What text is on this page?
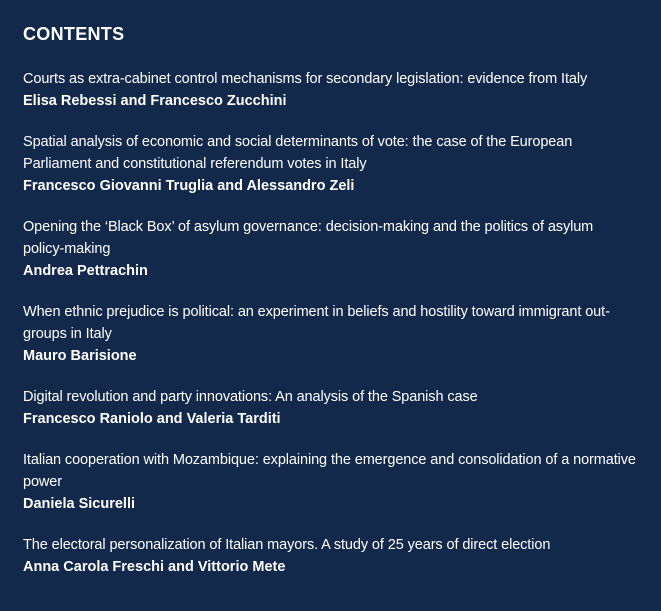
CONTENTS
Courts as extra-cabinet control mechanisms for secondary legislation: evidence from Italy
Elisa Rebessi and Francesco Zucchini
Spatial analysis of economic and social determinants of vote: the case of the European Parliament and constitutional referendum votes in Italy
Francesco Giovanni Truglia and Alessandro Zeli
Opening the ‘Black Box’ of asylum governance: decision-making and the politics of asylum policy-making
Andrea Pettrachin
When ethnic prejudice is political: an experiment in beliefs and hostility toward immigrant out-groups in Italy
Mauro Barisione
Digital revolution and party innovations: An analysis of the Spanish case
Francesco Raniolo and Valeria Tarditi
Italian cooperation with Mozambique: explaining the emergence and consolidation of a normative power
Daniela Sicurelli
The electoral personalization of Italian mayors. A study of 25 years of direct election
Anna Carola Freschi and Vittorio Mete
